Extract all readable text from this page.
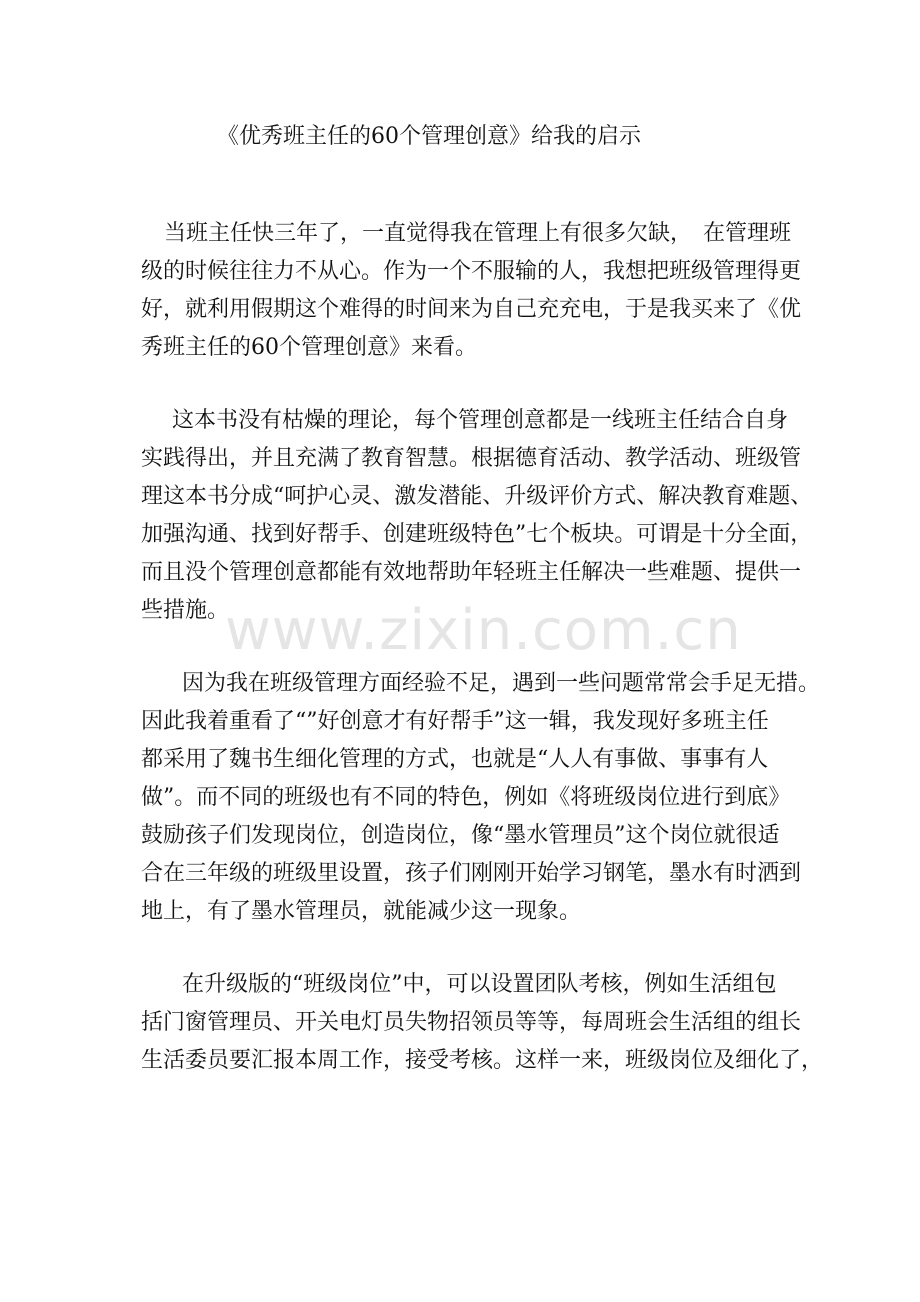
《优秀班主任的60个管理创意》给我的启示
当班主任快三年了，一直觉得我在管理上有很多欠缺，　在管理班
级的时候往往力不从心。作为一个不服输的人，我想把班级管理得更
好，就利用假期这个难得的时间来为自己充充电，于是我买来了《优
秀班主任的60个管理创意》来看。
这本书没有枯燥的理论，每个管理创意都是一线班主任结合自身
实践得出，并且充满了教育智慧。根据德育活动、教学活动、班级管
理这本书分成“呵护心灵、激发潜能、升级评价方式、解决教育难题、
加强沟通、找到好帮手、创建班级特色”七个板块。可谓是十分全面，
而且没个管理创意都能有效地帮助年轻班主任解决一些难题、提供一
些措施。
因为我在班级管理方面经验不足，遇到一些问题常常会手足无措。
因此我着重看了“”好创意才有好帮手”这一辑，我发现好多班主任
都采用了魏书生细化管理的方式，也就是“人人有事做、事事有人
做”。而不同的班级也有不同的特色，例如《将班级岗位进行到底》
鼓励孩子们发现岗位，创造岗位，像“墨水管理员”这个岗位就很适
合在三年级的班级里设置，孩子们刚刚开始学习钢笔，墨水有时洒到
地上，有了墨水管理员，就能减少这一现象。
在升级版的“班级岗位”中，可以设置团队考核，例如生活组包
括门窗管理员、开关电灯员失物招领员等等，每周班会生活组的组长
生活委员要汇报本周工作，接受考核。这样一来，班级岗位及细化了，
www.zixin.com.cn
